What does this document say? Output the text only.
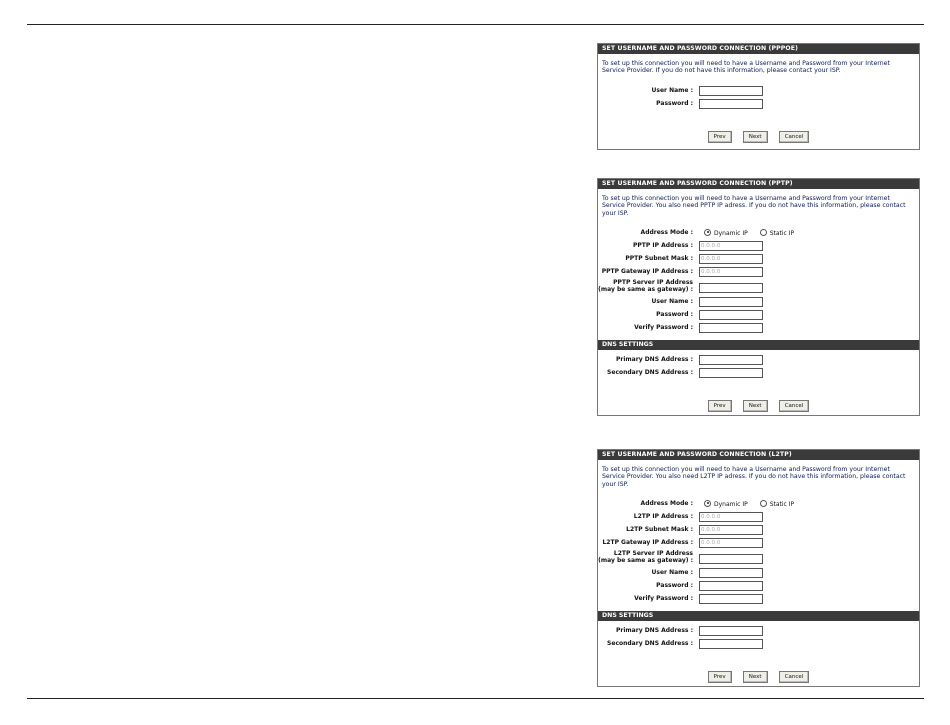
SET USERNAME AND PASSWORD CONNECTION (PPPOE)
To set up this connection you will need to have a Username and Password from your Internet Service Provider. If you do not have this information, please contact your ISP.
User Name :
Password :
Prev	Next	Cancel
SET USERNAME AND PASSWORD CONNECTION (PPTP)
To set up this connection you will need to have a Username and Password from your Internet Service Provider. You also need PPTP IP adress. If you do not have this information, please contact your ISP.
Address Mode :	Dynamic IP	Static IP
PPTP IP Address :	0.0.0.0
PPTP Subnet Mask :	0.0.0.0
PPTP Gateway IP Address :	0.0.0.0
PPTP Server IP Address
(may be same as gateway) :
User Name :
Password :
Verify Password :
DNS SETTINGS
Primary DNS Address :
Secondary DNS Address :
Prev	Next	Cancel
SET USERNAME AND PASSWORD CONNECTION (L2TP)
To set up this connection you will need to have a Username and Password from your Internet Service Provider. You also need L2TP IP adress. If you do not have this information, please contact your ISP.
Address Mode :	Dynamic IP	Static IP
L2TP IP Address :	0.0.0.0
L2TP Subnet Mask :	0.0.0.0
L2TP Gateway IP Address :	0.0.0.0
L2TP Server IP Address
(may be same as gateway) :
User Name :
Password :
Verify Password :
DNS SETTINGS
Primary DNS Address :
Secondary DNS Address :
Prev	Next	Cancel
